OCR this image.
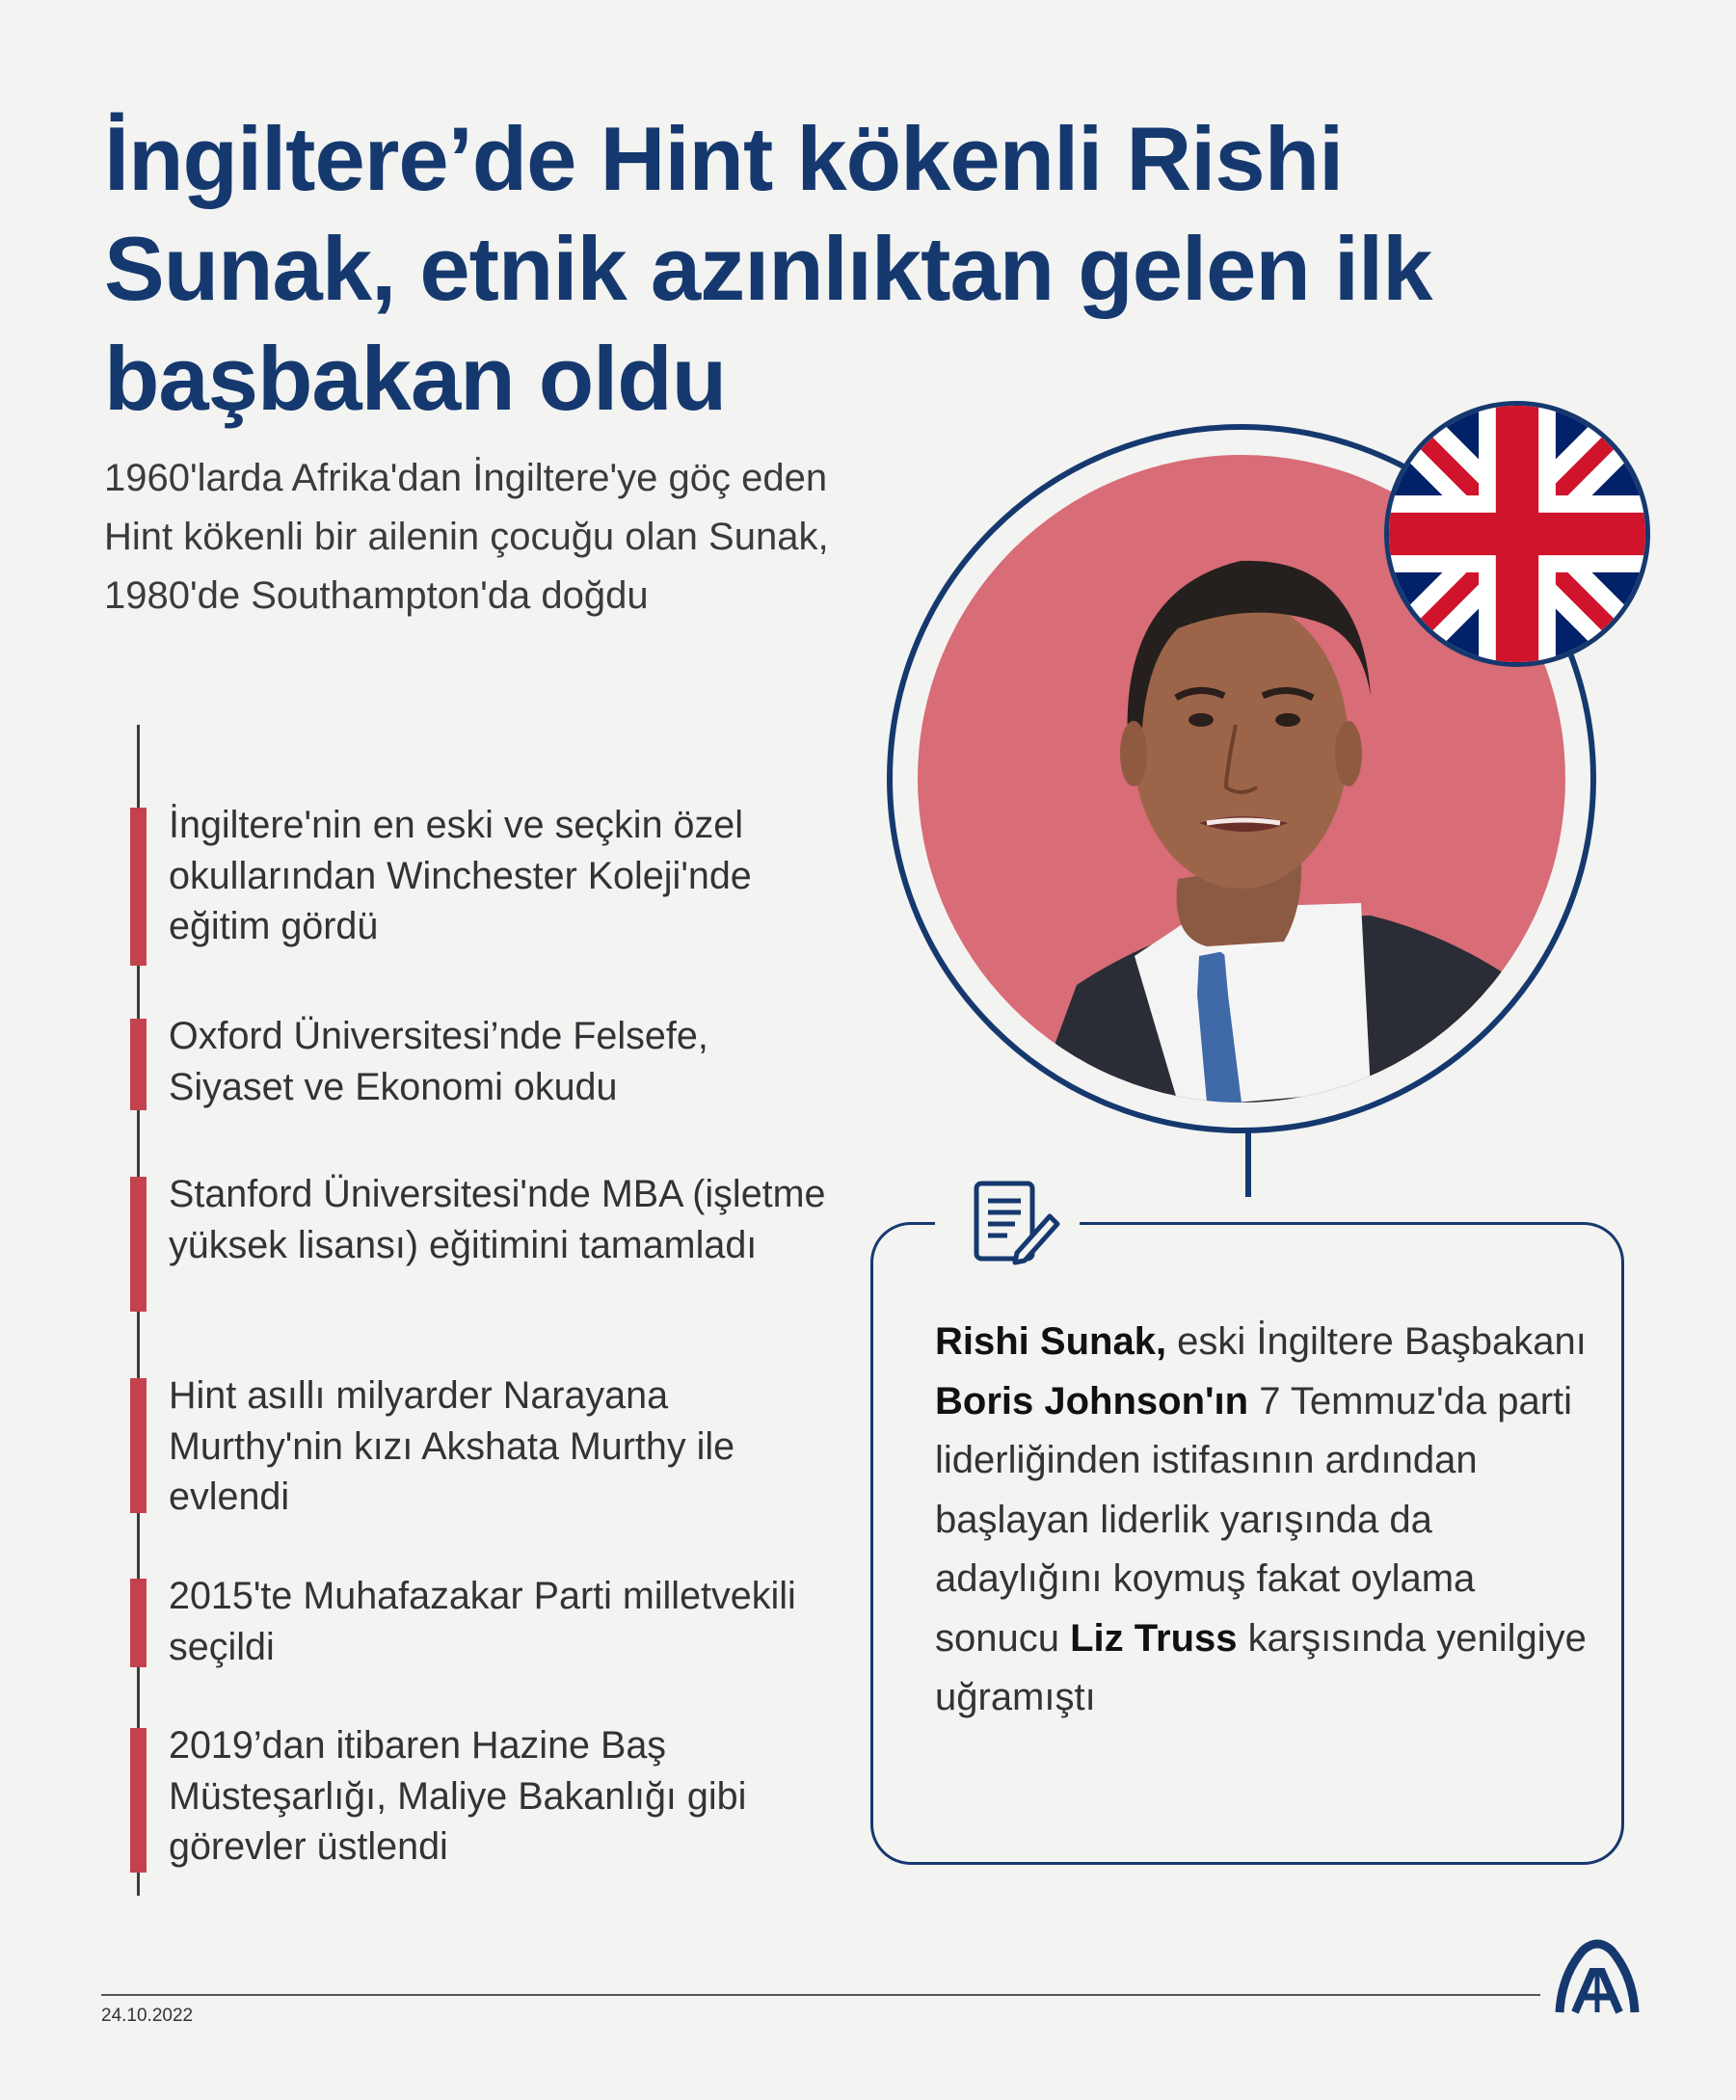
İngiltere’de Hint kökenli Rishi Sunak, etnik azınlıktan gelen ilk başbakan oldu

1960'larda Afrika'dan İngiltere'ye göç eden Hint kökenli bir ailenin çocuğu olan Sunak, 1980'de Southampton'da doğdu

İngiltere'nin en eski ve seçkin özel okullarından Winchester Koleji'nde eğitim gördü
Oxford Üniversitesi’nde Felsefe, Siyaset ve Ekonomi okudu
Stanford Üniversitesi'nde MBA (işletme yüksek lisansı) eğitimini tamamladı
Hint asıllı milyarder Narayana Murthy'nin kızı Akshata Murthy ile evlendi
2015'te Muhafazakar Parti milletvekili seçildi
2019’dan itibaren Hazine Baş Müsteşarlığı, Maliye Bakanlığı gibi görevler üstlendi

Rishi Sunak, eski İngiltere Başbakanı Boris Johnson'ın 7 Temmuz'da parti liderliğinden istifasının ardından başlayan liderlik yarışında da adaylığını koymuş fakat oylama sonucu Liz Truss karşısında yenilgiye uğramıştı

24.10.2022
